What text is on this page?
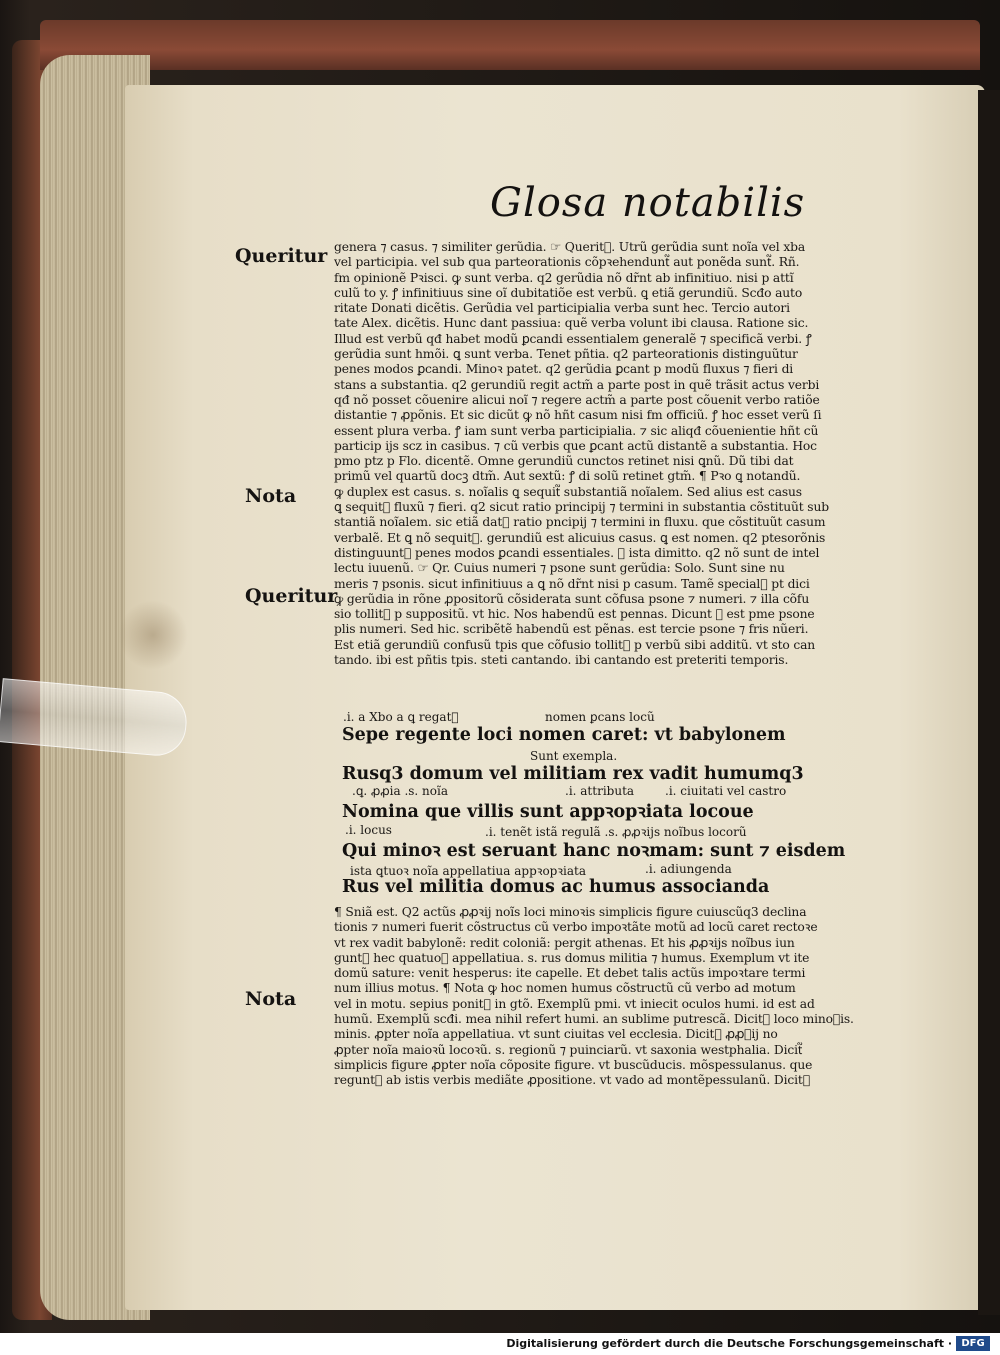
Glosa notabilis
Queritur
Nota
Queritur
Nota
genera ⁊ casus. ⁊ similiter gerũdia. ☞ Querit᷑. Utrũ gerũdia sunt noĩa vel xba
vel participia. vel sub qua parteorationis cõpꝛehendunt᷑ aut ponẽda sunt᷑. Rñ.
fm opinionẽ Pꝛisci. ꝙ sunt verba. q2 gerũdia nõ dr̃nt ab infinitiuo. nisi p attĩ
culũ to y. ꝭ infinitiuus sine oĩ dubitatiõe est verbũ. ꝗ etiã gerundiũ. Scđo auto
ritate Donati dicẽtis. Gerũdia vel participialia verba sunt hec. Tercio autori
tate Alex. dicẽtis. Hunc dant passiua: quẽ verba volunt ibi clausa. Ratione sic.
Illud est verbũ qđ habet modũ ꝑcandi essentialem generalẽ ⁊ specificã verbi. ꝭ
gerũdia sunt hmõi. ꝗ sunt verba. Tenet pñtia. q2 parteorationis distinguũtur
penes modos ꝑcandi. Minoꝛ patet. q2 gerũdia ꝑcant p modũ fluxus ⁊ fieri di
stans a substantia. q2 gerundiũ regit actm̃ a parte post in quẽ trãsit actus verbi
qđ nõ posset cõuenire alicui noĩ ⁊ regere actm̃ a parte post cõuenit verbo ratiõe
distantie ⁊ ꝓpõnis. Et sic dicũt ꝙ nõ hñt casum nisi fm officiũ. ꝭ hoc esset verũ ſi
essent plura verba. ꝭ iam sunt verba participialia. ⁊ sic aliqđ cõuenientie hñt cũ
particip ijs scz in casibus. ⁊ cũ verbis que ꝑcant actũ distantẽ a substantia. Hoc
pmo ptz p Flo. dicentẽ. Omne gerundiũ cunctos retinet nisi ꝗnũ. Dũ tibi dat
primũ vel quartũ docꝫ dtm̃. Aut sextũ: ꝭ di solũ retinet gtm̃. ¶ Pꝛo ꝗ notandũ.
ꝙ duplex est casus. s. noĩalis ꝗ sequit᷑ substantiã noĩalem. Sed alius est casus
ꝗ sequit᷑ fluxũ ⁊ fieri. q2 sicut ratio principij ⁊ termini in substantia cõstituũt sub
stantiã noĩalem. sic etiã dat᷑ ratio pncipij ⁊ termini in fluxu. que cõstituũt casum
verbalẽ. Et ꝗ nõ sequit᷑. gerundiũ est alicuius casus. ꝗ est nomen. q2 ptesorõnis
distinguunt᷑ penes modos ꝑcandi essentiales. ꝭ ista dimitto. q2 nõ sunt de intel
lectu iuuenũ. ☞ Qr. Cuius numeri ⁊ psone sunt gerũdia: Solo. Sunt sine nu
meris ⁊ psonis. sicut infinitiuus a ꝗ nõ dr̃nt nisi p casum. Tamẽ special᷑ pt dici
ꝙ gerũdia in rõne ꝓpositorũ cõsiderata sunt cõfusa psone ⁊ numeri. ⁊ illa cõfu
sio tollit᷑ p suppositũ. vt hic. Nos habendũ est pennas. Dicunt ꝙ est pme psone
plis numeri. Sed hic. scribẽtẽ habendũ est pẽnas. est tercie psone ⁊ fris nũeri.
Est etiã gerundiũ confusũ tpis que cõfusio tollit᷑ p verbũ sibi additũ. vt sto can
tando. ibi est pñtis tpis. steti cantando. ibi cantando est preteriti temporis.
.i. a Xbo a ꝗ regat᷑	nomen ꝑcans locũ
Sepe regente loci nomen caret: vt babylonem
Sunt exempla.
Rusq3 domum vel militiam rex vadit humumq3
.ꝗ. ꝓꝓia .s. noĩa	.i. attributa	.i. ciuitati vel castro
Nomina que villis sunt appꝛopꝛiata locoue
.i. locus	.i. tenẽt istã regulã .s. ꝓꝓꝛijs noĩbus locorũ
Qui minoꝛ est seruant hanc noꝛmam: sunt ⁊ eisdem
ista ꝗtuoꝛ noĩa appellatiua appꝛopꝛiata	.i. adiungenda
Rus vel militia domus ac humus associanda
¶ Sniã est. Q2 actũs ꝓꝓꝛij noĩs loci minoꝛis simplicis figure cuiuscũq3 declina
tionis ⁊ numeri fuerit cõstructus cũ verbo impoꝛtãte motũ ad locũ caret rectoꝛe
vt rex vadit babylonẽ: redit coloniã: pergit athenas. Et his ꝓꝓꝛijs noĩbus iun
gunt᷑ hec quatuoꝛ appellatiua. s. rus domus militia ⁊ humus. Exemplum vt ite
domũ sature: venit hesperus: ite capelle. Et debet talis actũs impoꝛtare termi
num illius motus. ¶ Nota ꝙ hoc nomen humus cõstructũ cũ verbo ad motum
vel in motu. sepius ponit᷑ in gtõ. Exemplũ pmi. vt iniecit oculos humi. id est ad
humũ. Exemplũ scđi. mea nihil refert humi. an sublime putrescã. Dicit᷑ loco minoꝛis.
minis. ꝓpter noĩa appellatiua. vt sunt ciuitas vel ecclesia. Dicit᷑ ꝓꝓꝛij no
ꝓpter noĩa maioꝛũ locoꝛũ. s. regionũ ⁊ puinciarũ. vt saxonia westphalia. Dicit᷑
simplicis figure ꝓpter noĩa cõposite figure. vt buscũducis. mõspessulanus. que
regunt᷑ ab istis verbis mediãte ꝓpositione. vt vado ad montẽpessulanũ. Dicit᷑
Digitalisierung gefördert durch die Deutsche Forschungsgemeinschaft · DFG
